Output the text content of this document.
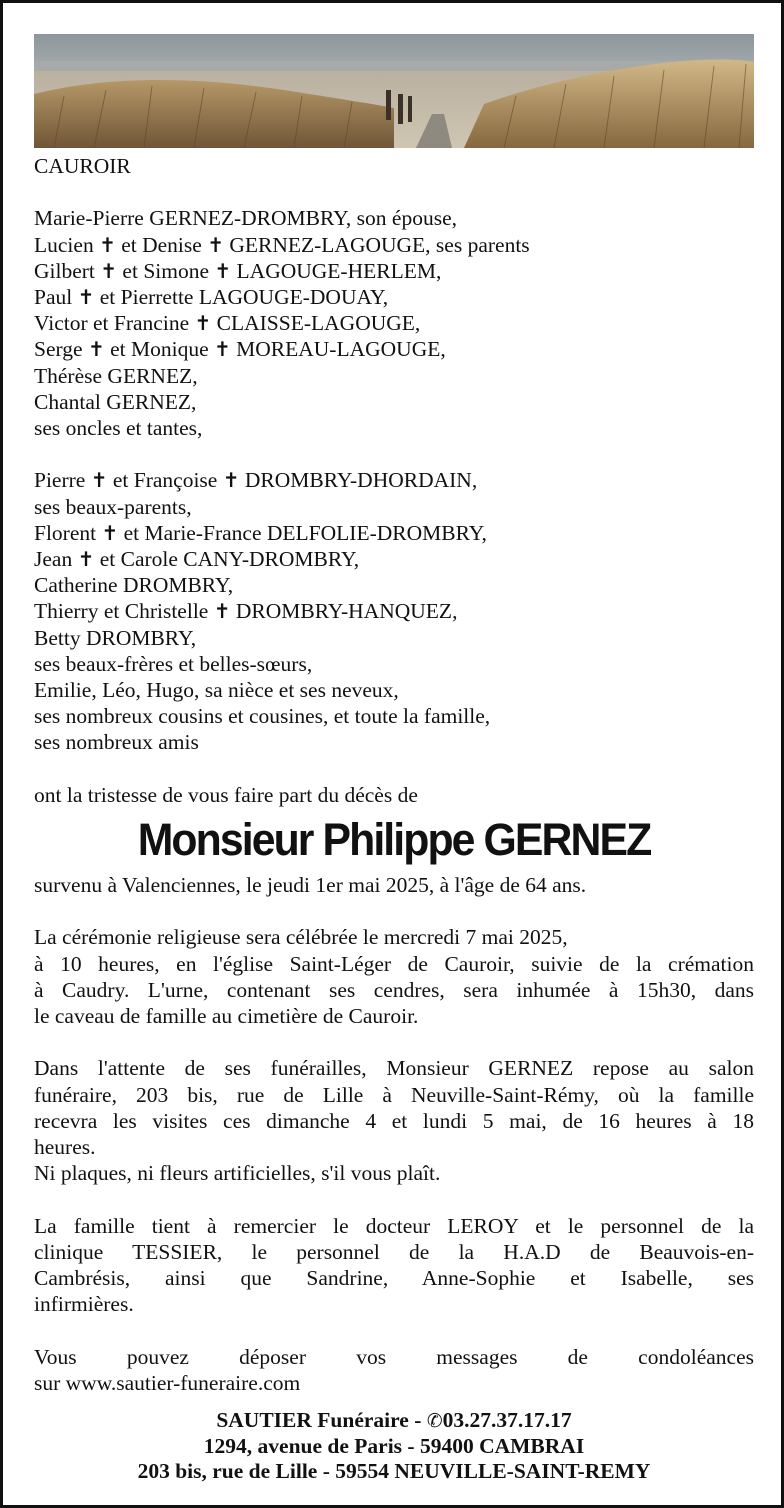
CAUROIR
Marie-Pierre GERNEZ-DROMBRY, son épouse,
Lucien ✝ et Denise ✝ GERNEZ-LAGOUGE, ses parents
Gilbert ✝ et Simone ✝ LAGOUGE-HERLEM,
Paul ✝ et Pierrette LAGOUGE-DOUAY,
Victor et Francine ✝ CLAISSE-LAGOUGE,
Serge ✝ et Monique ✝ MOREAU-LAGOUGE,
Thérèse GERNEZ,
Chantal GERNEZ,
ses oncles et tantes,
Pierre ✝ et Françoise ✝ DROMBRY-DHORDAIN,
ses beaux-parents,
Florent ✝ et Marie-France DELFOLIE-DROMBRY,
Jean ✝ et Carole CANY-DROMBRY,
Catherine DROMBRY,
Thierry et Christelle ✝ DROMBRY-HANQUEZ,
Betty DROMBRY,
ses beaux-frères et belles-sœurs,
Emilie, Léo, Hugo, sa nièce et ses neveux,
ses nombreux cousins et cousines, et toute la famille,
ses nombreux amis
ont la tristesse de vous faire part du décès de
Monsieur Philippe GERNEZ
survenu à Valenciennes, le jeudi 1er mai 2025, à l'âge de 64 ans.
La cérémonie religieuse sera célébrée le mercredi 7 mai 2025,
à 10 heures, en l'église Saint-Léger de Cauroir, suivie de la crémation
à Caudry. L'urne, contenant ses cendres, sera inhumée à 15h30, dans
le caveau de famille au cimetière de Cauroir.
Dans l'attente de ses funérailles, Monsieur GERNEZ repose au salon
funéraire, 203 bis, rue de Lille à Neuville-Saint-Rémy, où la famille
recevra les visites ces dimanche 4 et lundi 5 mai, de 16 heures à 18
heures.
Ni plaques, ni fleurs artificielles, s'il vous plaît.
La famille tient à remercier le docteur LEROY et le personnel de la
clinique TESSIER, le personnel de la H.A.D de Beauvois-en-
Cambrésis, ainsi que Sandrine, Anne-Sophie et Isabelle, ses
infirmières.
Vous pouvez déposer vos messages de condoléances
sur www.sautier-funeraire.com
SAUTIER Funéraire - ✆03.27.37.17.17
1294, avenue de Paris - 59400 CAMBRAI
203 bis, rue de Lille - 59554 NEUVILLE-SAINT-REMY
